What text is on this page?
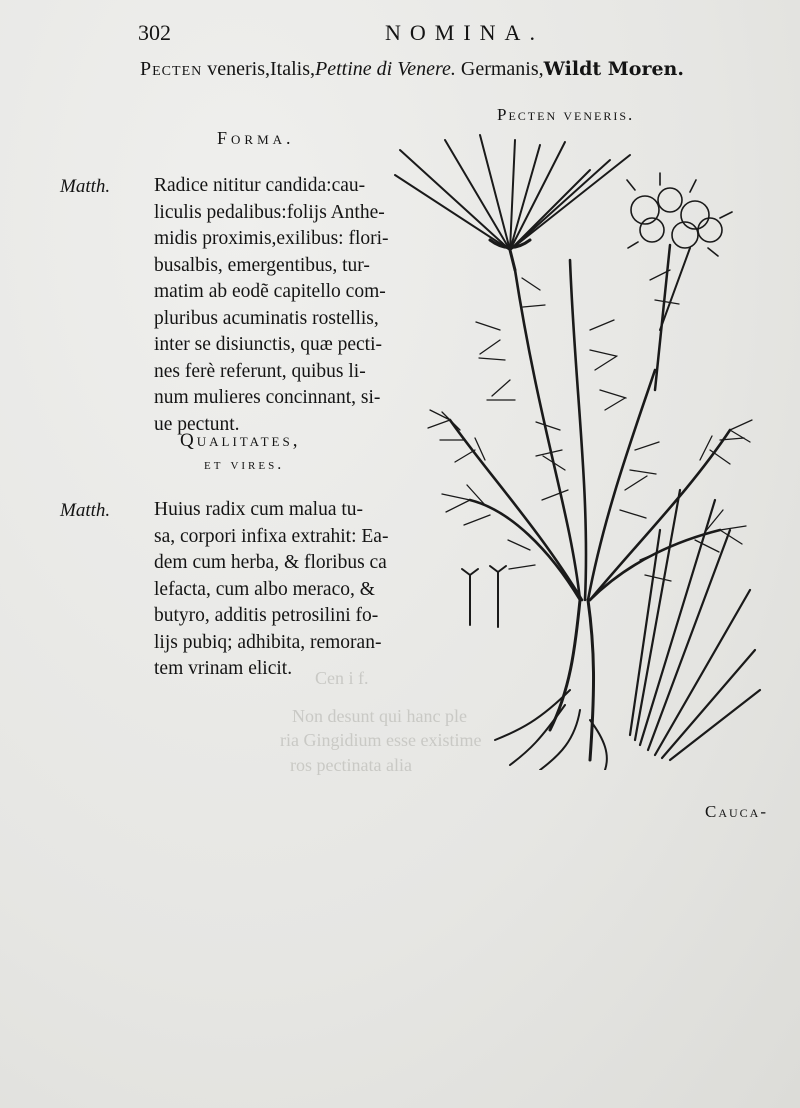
302	NOMINA.
Pecten veneris,Italis,Pettine di Venere. Germanis,Wildt Moren.
Pecten veneris.
Forma.
Matth. Radice nititur candida:cau-
liculis pedalibus:folijs Anthe-
midis proximis,exilibus: flori-
busalbis, emergentibus, tur-
matim ab eodẽ capitello com-
pluribus acuminatis rostellis,
inter se disiunctis, quæ pecti-
nes ferè referunt, quibus li-
num mulieres concinnant, si-
ue pectunt.
Qualitates,
et vires.
Matth. Huius radix cum malua tu-
sa, corpori infixa extrahit: Ea-
dem cum herba, & floribus ca
lefacta, cum albo meraco, &
butyro, additis petrosilini fo-
lijs pubiq; adhibita, remoran-
tem vrinam elicit.	Cen i f.
Non desunt qui hanc ple
ria Gingidium esse existime
ros pectinata alia
Cauca-
